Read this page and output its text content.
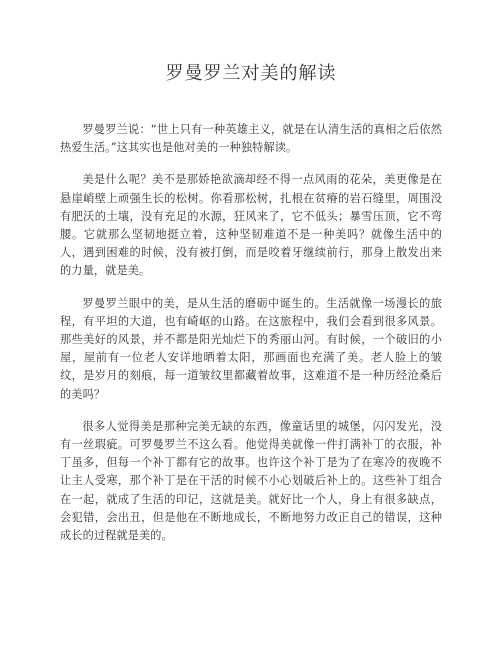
罗曼罗兰对美的解读

罗曼罗兰说：“世上只有一种英雄主义，就是在认清生活的真相之后依然热爱生活。”这其实也是他对美的一种独特解读。

美是什么呢？美不是那娇艳欲滴却经不得一点风雨的花朵，美更像是在悬崖峭壁上顽强生长的松树。你看那松树，扎根在贫瘠的岩石缝里，周围没有肥沃的土壤，没有充足的水源，狂风来了，它不低头；暴雪压顶，它不弯腰。它就那么坚韧地挺立着，这种坚韧难道不是一种美吗？就像生活中的人，遇到困难的时候，没有被打倒，而是咬着牙继续前行，那身上散发出来的力量，就是美。

罗曼罗兰眼中的美，是从生活的磨砺中诞生的。生活就像一场漫长的旅程，有平坦的大道，也有崎岖的山路。在这旅程中，我们会看到很多风景。那些美好的风景，并不都是阳光灿烂下的秀丽山河。有时候，一个破旧的小屋，屋前有一位老人安详地晒着太阳，那画面也充满了美。老人脸上的皱纹，是岁月的刻痕，每一道皱纹里都藏着故事，这难道不是一种历经沧桑后的美吗？

很多人觉得美是那种完美无缺的东西，像童话里的城堡，闪闪发光，没有一丝瑕疵。可罗曼罗兰不这么看。他觉得美就像一件打满补丁的衣服，补丁虽多，但每一个补丁都有它的故事。也许这个补丁是为了在寒冷的夜晚不让主人受寒，那个补丁是在干活的时候不小心划破后补上的。这些补丁组合在一起，就成了生活的印记，这就是美。就好比一个人，身上有很多缺点，会犯错，会出丑，但是他在不断地成长，不断地努力改正自己的错误，这种成长的过程就是美的。
